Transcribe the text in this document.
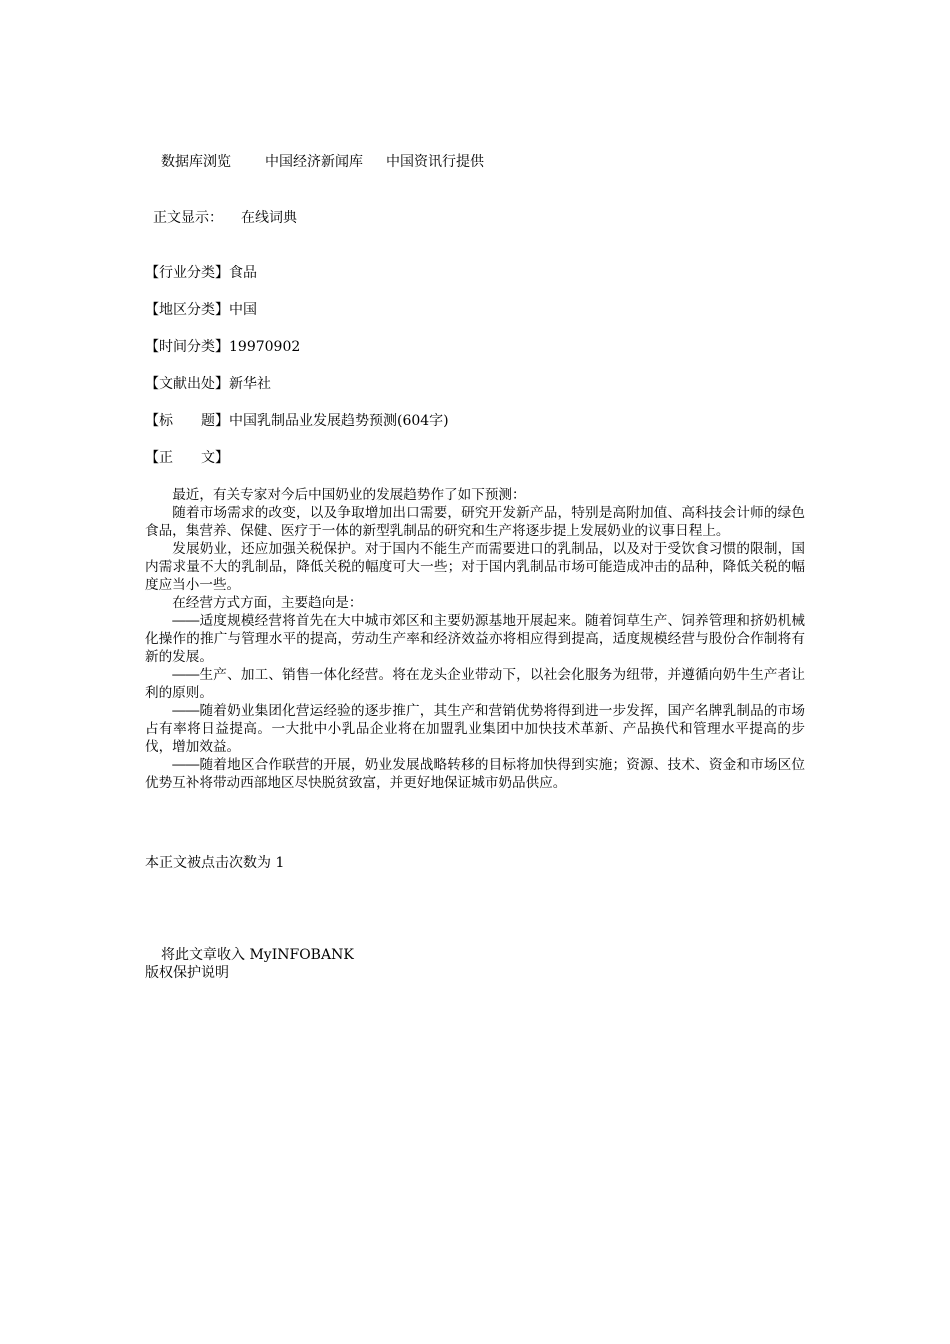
数据库浏览 中国经济新闻库 中国资讯行提供
正文显示： 在线词典
【行业分类】食品
【地区分类】中国
【时间分类】19970902
【文献出处】新华社
【标　　题】中国乳制品业发展趋势预测(604字)
【正　　文】

最近，有关专家对今后中国奶业的发展趋势作了如下预测：

随着市场需求的改变，以及争取增加出口需要，研究开发新产品，特别是高附加值、高科技会计师的绿色食品，集营养、保健、医疗于一体的新型乳制品的研究和生产将逐步提上发展奶业的议事日程上。

发展奶业，还应加强关税保护。对于国内不能生产而需要进口的乳制品，以及对于受饮食习惯的限制，国内需求量不大的乳制品，降低关税的幅度可大一些；对于国内乳制品市场可能造成冲击的品种，降低关税的幅度应当小一些。

在经营方式方面，主要趋向是：

――适度规模经营将首先在大中城市郊区和主要奶源基地开展起来。随着饲草生产、饲养管理和挤奶机械化操作的推广与管理水平的提高，劳动生产率和经济效益亦将相应得到提高，适度规模经营与股份合作制将有新的发展。

――生产、加工、销售一体化经营。将在龙头企业带动下，以社会化服务为纽带，并遵循向奶牛生产者让利的原则。

――随着奶业集团化营运经验的逐步推广，其生产和营销优势将得到进一步发挥，国产名牌乳制品的市场占有率将日益提高。一大批中小乳品企业将在加盟乳业集团中加快技术革新、产品换代和管理水平提高的步伐，增加效益。

――随着地区合作联营的开展，奶业发展战略转移的目标将加快得到实施；资源、技术、资金和市场区位优势互补将带动西部地区尽快脱贫致富，并更好地保证城市奶品供应。

本正文被点击次数为 1
将此文章收入 MyINFOBANK
版权保护说明
